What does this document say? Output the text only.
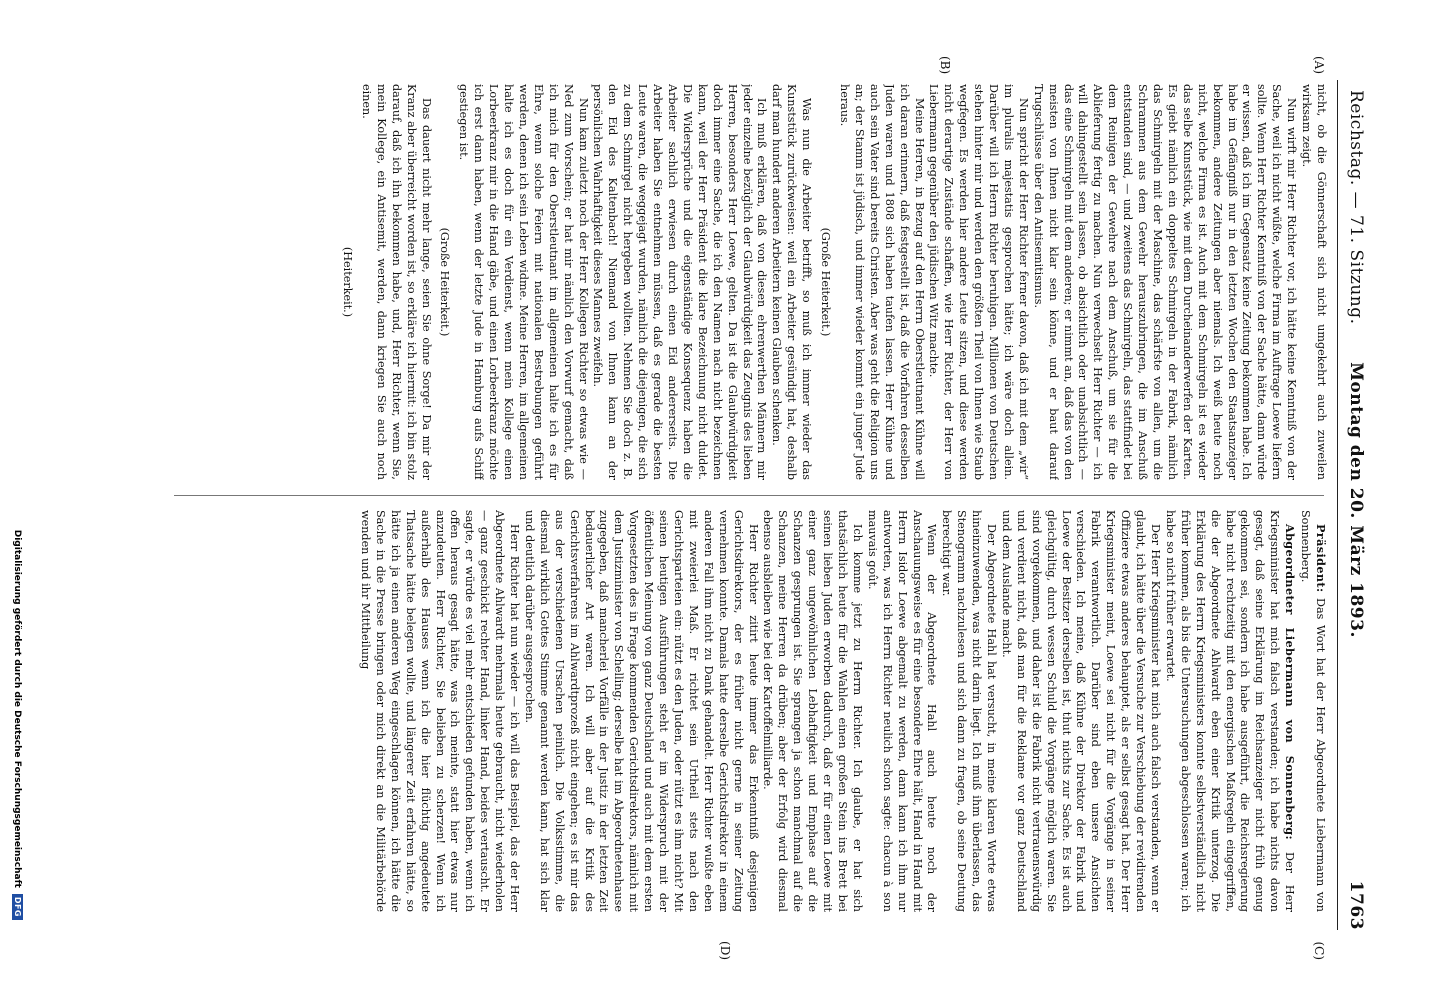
Reichstag. — 71. Sitzung.
Montag den 20. März 1893.
1763
(A)
(B)
(C)
(D)

nicht, ob die Gönnerschaft sich nicht umgekehrt auch zuweilen wirksam zeigt.

Nun wirft mir Herr Richter vor, ich hätte keine Kenntniß von der Sache, weil ich nicht wüßte, welche Firma im Auftrage Loewe liefern sollte. Wenn Herr Richter Kenntniß von der Sache hätte, dann würde er wissen, daß ich im Gegensatz keine Zeitung bekommen habe. Ich habe im Gefängniß nur in den letzten Wochen den Staatsanzeiger bekommen, andere Zeitungen aber niemals. Ich weiß heute noch nicht, welche Firma es ist. Auch mit dem Schmirgeln ist es wieder das selbe Kunststück, wie mit dem Durcheinanderwerfen der Karten. Es giebt nämlich ein doppeltes Schmirgeln in der Fabrik, nämlich das Schmirgeln mit der Maschine, das schärfste von allen, um die Schrammen aus dem Gewehr herauszubringen, die im Anschuß entstanden sind, — und zweitens das Schmirgeln, das stattfindet bei dem Reinigen der Gewehre nach dem Anschuß, um sie für die Ablieferung fertig zu machen. Nun verwechselt Herr Richter — ich will dahingestellt sein lassen, ob absichtlich oder unabsichtlich — das eine Schmirgeln mit dem anderen; er nimmt an, daß das von den meisten von Ihnen nicht klar sein könne, und er baut darauf Trugschlüsse über den Antisemitismus.

Nun spricht der Herr Richter ferner davon, daß ich mit dem „wir“ im pluralis majestatis gesprochen hätte; ich wäre doch allein. Darüber will ich Herrn Richter beruhigen. Millionen von Deutschen stehen hinter mir und werden den größten Theil von Ihnen wie Staub wegfegen. Es werden hier andere Leute sitzen, und diese werden nicht derartige Zustände schaffen, wie Herr Richter, der Herr von Liebermann gegenüber den jüdischen Witz machte.

Meine Herren, in Bezug auf den Herrn Oberstleutnant Kühne will ich daran erinnern, daß festgestellt ist, daß die Vorfahren desselben Juden waren und 1808 sich haben taufen lassen. Herr Kühne und auch sein Vater sind bereits Christen. Aber was geht die Religion uns an; der Stamm ist jüdisch, und immer wieder kommt ein junger Jude heraus.

(Große Heiterkeit.)

Was nun die Arbeiter betrifft, so muß ich immer wieder das Kunststück zurückweisen: weil ein Arbeiter gesündigt hat, deshalb darf man hundert anderen Arbeitern keinen Glauben schenken.

Ich muß erklären, daß von diesen ehrenwerthen Männern mir jeder einzelne bezüglich der Glaubwürdigkeit das Zeugnis des lieben Herren, besonders Herr Loewe, gelten. Da ist die Glaubwürdigkeit doch immer eine Sache, die ich den Namen nach nicht bezeichnen kann, weil der Herr Präsident die klare Bezeichnung nicht duldet. Die Widersprüche und die eigenständige Konsequenz haben die Arbeiter sachlich erwiesen durch einen Eid andererseits. Die Arbeiter haben Sie entnehmen müssen, daß es gerade die besten Leute waren, die weggejagt wurden, nämlich die diejenigen, die sich zu dem Schmirgel nicht hergeben wollten. Nehmen Sie doch z. B. den Eid des Kaltenbach! Niemand von Ihnen kann an der persönlichen Wahrhaftigkeit dieses Mannes zweifeln.

Nun kam zuletzt noch der Herr Kollegen Richter so etwas wie — Ned zum Vorschein; er hat mir nämlich den Vorwurf gemacht, daß ich mich für den Oberstleutnant im allgemeinen halte ich es für Ehre, wenn solche Feiern mit nationalen Bestrebungen geführt werden, denen ich sein Leben widme. Meine Herren, im allgemeinen halte ich es doch für ein Verdienst, wenn mein Kollege einen Lorbeerkranz mir in die Hand gäbe, und einen Lorbeerkranz möchte ich erst dann haben, wenn der letzte Jude in Hamburg aufs Schiff gestiegen ist.

(Große Heiterkeit.)

Das dauert nicht mehr lange, seien Sie ohne Sorge! Da mir der Kranz aber überreicht worden ist, so erkläre ich hiermit: ich bin stolz darauf, daß ich ihn bekommen habe, und, Herr Richter, wenn Sie, mein Kollege, ein Antisemit, werden, dann kriegen Sie auch noch einen.

(Heiterkeit.)

Präsident: Das Wort hat der Herr Abgeordnete Liebermann von Sonnenberg.

Abgeordneter Liebermann von Sonnenberg: Der Herr Kriegsminister hat mich falsch verstanden; ich habe nichts davon gesagt, daß seine Erklärung im Reichsanzeiger nicht früh genug gekommen sei, sondern ich habe ausgeführt, die Reichsregierung habe nicht rechtzeitig mit den energischen Maßregeln eingegriffen, die der Abgeordnete Ahlwardt eben einer Kritik unterzog. Die Erklärung des Herrn Kriegsministers konnte selbstverständlich nicht früher kommen, als bis die Untersuchungen abgeschlossen waren; ich habe so nicht früher erwartet.

Der Herr Kriegsminister hat mich auch falsch verstanden, wenn er glaubt, ich hätte über die Versuche zur Verschiebung der revidirenden Offiziere etwas anderes behauptet, als er selbst gesagt hat. Der Herr Kriegsminister meint, Loewe sei nicht für die Vorgänge in seiner Fabrik verantwortlich. Darüber sind eben unsere Ansichten verschieden. Ich meine, daß Kühne der Direktor der Fabrik und Loewe der Besitzer derselben ist, thut nichts zur Sache. Es ist auch gleichgültig, durch wessen Schuld die Vorgänge möglich waren. Sie sind vorgekommen, und daher ist die Fabrik nicht vertrauenswürdig und verdient nicht, daß man für die Reklame vor ganz Deutschland und dem Auslande macht.

Der Abgeordnete Hahl hat versucht, in meine klaren Worte etwas hineinzuwenden, was nicht darin liegt. Ich muß ihm überlassen, das Stenogramm nachzulesen und sich dann zu fragen, ob seine Deutung berechtigt war.

Wenn der Abgeordnete Hahl auch heute noch der Anschauungsweise es für eine besondere Ehre hält, Hand in Hand mit Herrn Isidor Loewe abgemalt zu werden, dann kann ich ihm nur antworten, was ich Herrn Richter neulich schon sagte: chacun à son mauvais goût.

Ich komme jetzt zu Herrn Richter. Ich glaube, er hat sich thatsächlich heute für die Wahlen einen großen Stein ins Brett bei seinen lieben Juden erworben dadurch, daß er für einen Loewe mit einer ganz ungewöhnlichen Lebhaftigkeit und Emphase auf die Schanzen gesprungen ist. Sie sprangen ja schon manchmal auf die Schanzen, meine Herren da drüben; aber der Erfolg wird diesmal ebenso ausbleiben wie bei der Kartoffelmilliarde.

Herr Richter zitirt heute immer das Erkenntniß desjenigen Gerichtsdirektors, der es früher nicht gerne in seiner Zeitung vernehmen konnte. Damals hatte derselbe Gerichtsdirektor in einem anderen Fall ihm nicht zu Dank gehandelt. Herr Richter wußte eben mit zweierlei Maß. Er richtet sein Urtheil stets nach den Gerichtsparteien ein: nützt es den Juden, oder nützt es ihm nicht? Mit seinen heutigen Ausführungen steht er im Widerspruch mit der öffentlichen Meinung von ganz Deutschland und auch mit dem ersten Vorgesetzten des in Frage kommenden Gerichtsdirektors, nämlich mit dem Justizminister von Schelling; derselbe hat im Abgeordnetenhause zugegeben, daß mancherlei Vorfälle in der Justiz in der letzten Zeit bedauerlicher Art waren. Ich will aber auf die Kritik des Gerichtsverfahrens im Ahlwardtprozeß nicht eingehen; es ist mir das aus der verschiedenen Ursachen peinlich. Die Volksstimme, die diesmal wirklich Gottes Stimme genannt werden kann, hat sich klar und deutlich darüber ausgesprochen.

Herr Richter hat nun wieder — ich will das Beispiel, das der Herr Abgeordnete Ahlwardt mehrmals heute gebraucht, nicht wiederholen — ganz geschickt rechter Hand, linker Hand, beides vertauscht. Er sagte, er würde es viel mehr entschieden gefunden haben, wenn ich offen heraus gesagt hätte, was ich meinte, statt hier etwas nur anzudeuten. Herr Richter, Sie belieben zu scherzen! Wenn ich außerhalb des Hauses wenn ich die hier flüchtig angedeutete Thatsache hätte belegen wollte, und längerer Zeit erfahren hätte, so hätte ich ja einen anderen Weg eingeschlagen können, ich hätte die Sache in die Presse bringen oder mich direkt an die Militärbehörde wenden und ihr Mittheilung

Digitalisierung gefördert durch die Deutsche Forschungsgemeinschaft
DFG
